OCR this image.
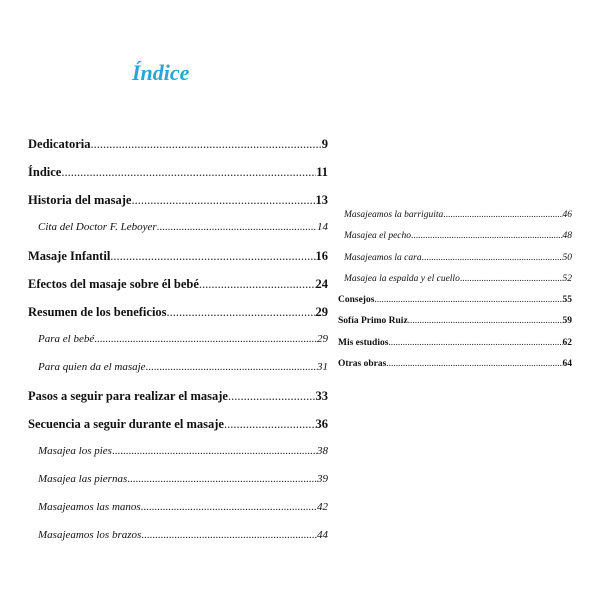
Índice
Dedicatoria .....	9
Índice .....	11
Historia del masaje .....	13
Cita del Doctor F. Leboyer .....	14
Masaje Infantil .....	16
Efectos del masaje sobre él bebé .....	24
Resumen de los beneficios .....	29
Para el bebé .....	29
Para quien da el masaje .....	31
Pasos a seguir para realizar el masaje .....	33
Secuencia a seguir durante el masaje .....	36
Masajea los pies .....	38
Masajea las piernas .....	39
Masajeamos las manos .....	42
Masajeamos los brazos .....	44
Masajeamos la barriguita .....	46
Masajea el pecho .....	48
Masajeamos la cara .....	50
Masajea la espalda y el cuello .....	52
Consejos .....	55
Sofía Primo Ruiz .....	59
Mis estudios .....	62
Otras obras .....	64
